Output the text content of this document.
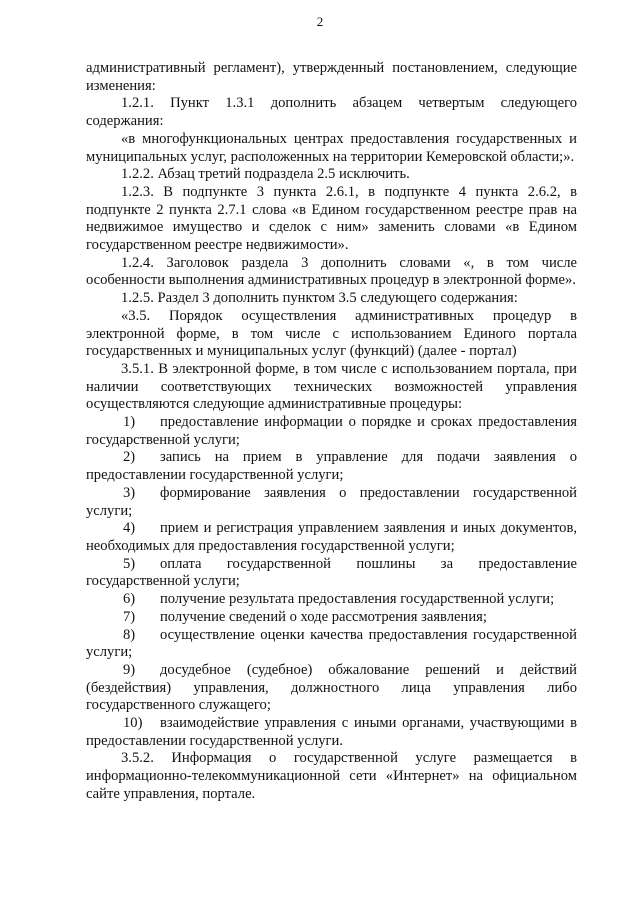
2

административный регламент), утвержденный постановлением, следующие изменения:

1.2.1. Пункт 1.3.1 дополнить абзацем четвертым следующего содержания:

«в многофункциональных центрах предоставления государственных и муниципальных услуг, расположенных на территории Кемеровской области;».

1.2.2. Абзац третий подраздела 2.5 исключить.

1.2.3. В подпункте 3 пункта 2.6.1, в подпункте 4 пункта 2.6.2, в подпункте 2 пункта 2.7.1 слова «в Едином государственном реестре прав на недвижимое имущество и сделок с ним» заменить словами «в Едином государственном реестре недвижимости».

1.2.4. Заголовок раздела 3 дополнить словами «, в том числе особенности выполнения административных процедур в электронной форме».

1.2.5. Раздел 3 дополнить пунктом 3.5 следующего содержания:

«3.5. Порядок осуществления административных процедур в электронной форме, в том числе с использованием Единого портала государственных и муниципальных услуг (функций) (далее - портал)

3.5.1. В электронной форме, в том числе с использованием портала, при наличии соответствующих технических возможностей управления осуществляются следующие административные процедуры:

1) предоставление информации о порядке и сроках предоставления государственной услуги;

2) запись на прием в управление для подачи заявления о предоставлении государственной услуги;

3) формирование заявления о предоставлении государственной услуги;

4) прием и регистрация управлением заявления и иных документов, необходимых для предоставления государственной услуги;

5) оплата государственной пошлины за предоставление государственной услуги;

6) получение результата предоставления государственной услуги;

7) получение сведений о ходе рассмотрения заявления;

8) осуществление оценки качества предоставления государственной услуги;

9) досудебное (судебное) обжалование решений и действий (бездействия) управления, должностного лица управления либо государственного служащего;

10) взаимодействие управления с иными органами, участвующими в предоставлении государственной услуги.

3.5.2. Информация о государственной услуге размещается в информационно-телекоммуникационной сети «Интернет» на официальном сайте управления, портале.
